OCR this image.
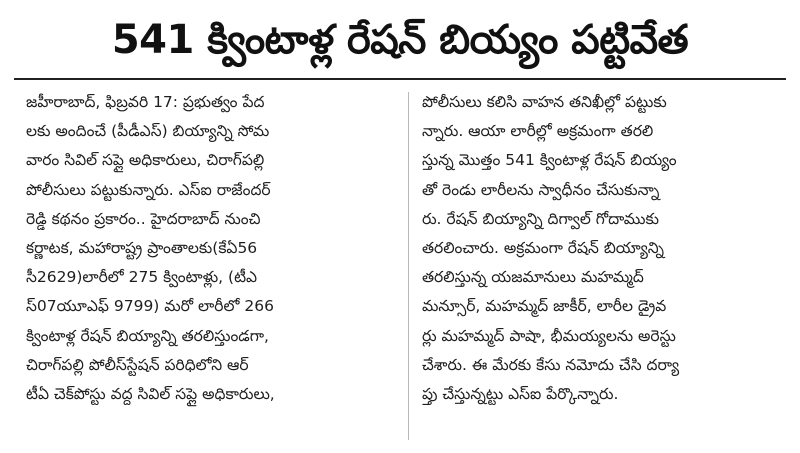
541 క్వింటాళ్ల రేషన్ బియ్యం పట్టివేత
జహీరాబాద్, ఫిబ్రవరి 17: ప్రభుత్వం పేద
లకు అందించే (పీడీఎస్) బియ్యాన్ని సోమ
వారం సివిల్ సప్లై అధికారులు, చిరాగ్‌పల్లి
పోలీసులు పట్టుకున్నారు. ఎస్ఐ రాజేందర్
రెడ్డి కథనం ప్రకారం.. హైదరాబాద్ నుంచి
కర్ణాటక, మహారాష్ట్ర ప్రాంతాలకు(కేఏ56
సీ2629)లారీలో 275 క్వింటాళ్లు, (టీఎ
స్07యూఎఫ్ 9799) మరో లారీలో 266
క్వింటాళ్ల రేషన్ బియ్యాన్ని తరలిస్తుండగా,
చిరాగ్‌పల్లి పోలీస్‌స్టేషన్ పరిధిలోని ఆర్
టీఏ చెక్‌పోస్టు వద్ద సివిల్ సప్లై అధికారులు,
పోలీసులు కలిసి వాహన తనిఖీల్లో పట్టుకు
న్నారు. ఆయా లారీల్లో అక్రమంగా తరలి
స్తున్న మొత్తం 541 క్వింటాళ్ల రేషన్ బియ్యం
తో రెండు లారీలను స్వాధీనం చేసుకున్నా
రు. రేషన్ బియ్యాన్ని దిగ్వాల్ గోదాముకు
తరలించారు. అక్రమంగా రేషన్ బియ్యాన్ని
తరలిస్తున్న యజమానులు మహమ్మద్
మన్సూర్, మహమ్మద్ జాకీర్, లారీల డ్రైవ
ర్లు మహమ్మద్ పాషా, భీమయ్యలను అరెస్టు
చేశారు. ఈ మేరకు కేసు నమోదు చేసి దర్యా
ప్తు చేస్తున్నట్టు ఎస్ఐ పేర్కొన్నారు.
